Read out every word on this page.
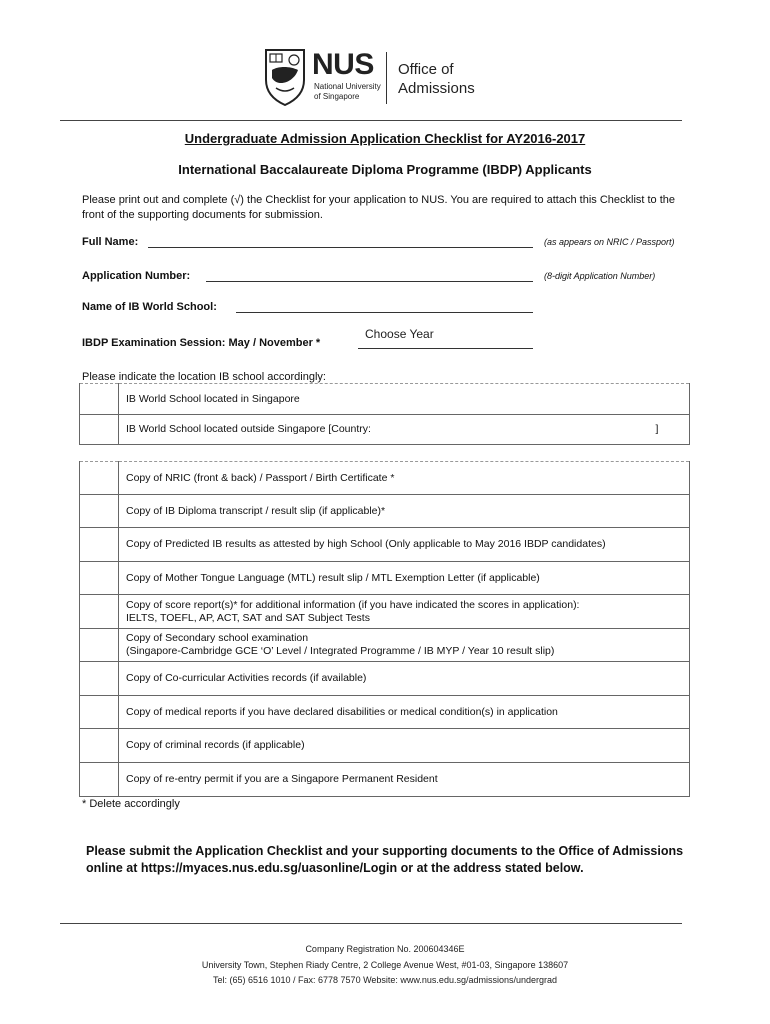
NUS
National University
of Singapore
Office of
Admissions
Undergraduate Admission Application Checklist for AY2016-2017
International Baccalaureate Diploma Programme (IBDP) Applicants
Please print out and complete (√) the Checklist for your application to NUS. You are required to attach this Checklist to the front of the supporting documents for submission.
Full Name:	(as appears on NRIC / Passport)
Application Number:	(8-digit Application Number)
Name of IB World School:
IBDP Examination Session: May / November *
Choose Year
Please indicate the location IB school accordingly:
	IB World School located in Singapore
	IB World School located outside Singapore [Country: ]
	Copy of NRIC (front & back) / Passport / Birth Certificate *
	Copy of IB Diploma transcript / result slip (if applicable)*
	Copy of Predicted IB results as attested by high School (Only applicable to May 2016 IBDP candidates)
	Copy of Mother Tongue Language (MTL) result slip / MTL Exemption Letter (if applicable)
	Copy of score report(s)* for additional information (if you have indicated the scores in application):
IELTS, TOEFL, AP, ACT, SAT and SAT Subject Tests
	Copy of Secondary school examination
(Singapore-Cambridge GCE ‘O’ Level / Integrated Programme / IB MYP / Year 10 result slip)
	Copy of Co-curricular Activities records (if available)
	Copy of medical reports if you have declared disabilities or medical condition(s) in application
	Copy of criminal records (if applicable)
	Copy of re-entry permit if you are a Singapore Permanent Resident
* Delete accordingly
Please submit the Application Checklist and your supporting documents to the Office of Admissions online at https://myaces.nus.edu.sg/uasonline/Login or at the address stated below.
Company Registration No. 200604346E
University Town, Stephen Riady Centre, 2 College Avenue West, #01-03, Singapore 138607
Tel: (65) 6516 1010 / Fax: 6778 7570 Website: www.nus.edu.sg/admissions/undergrad
